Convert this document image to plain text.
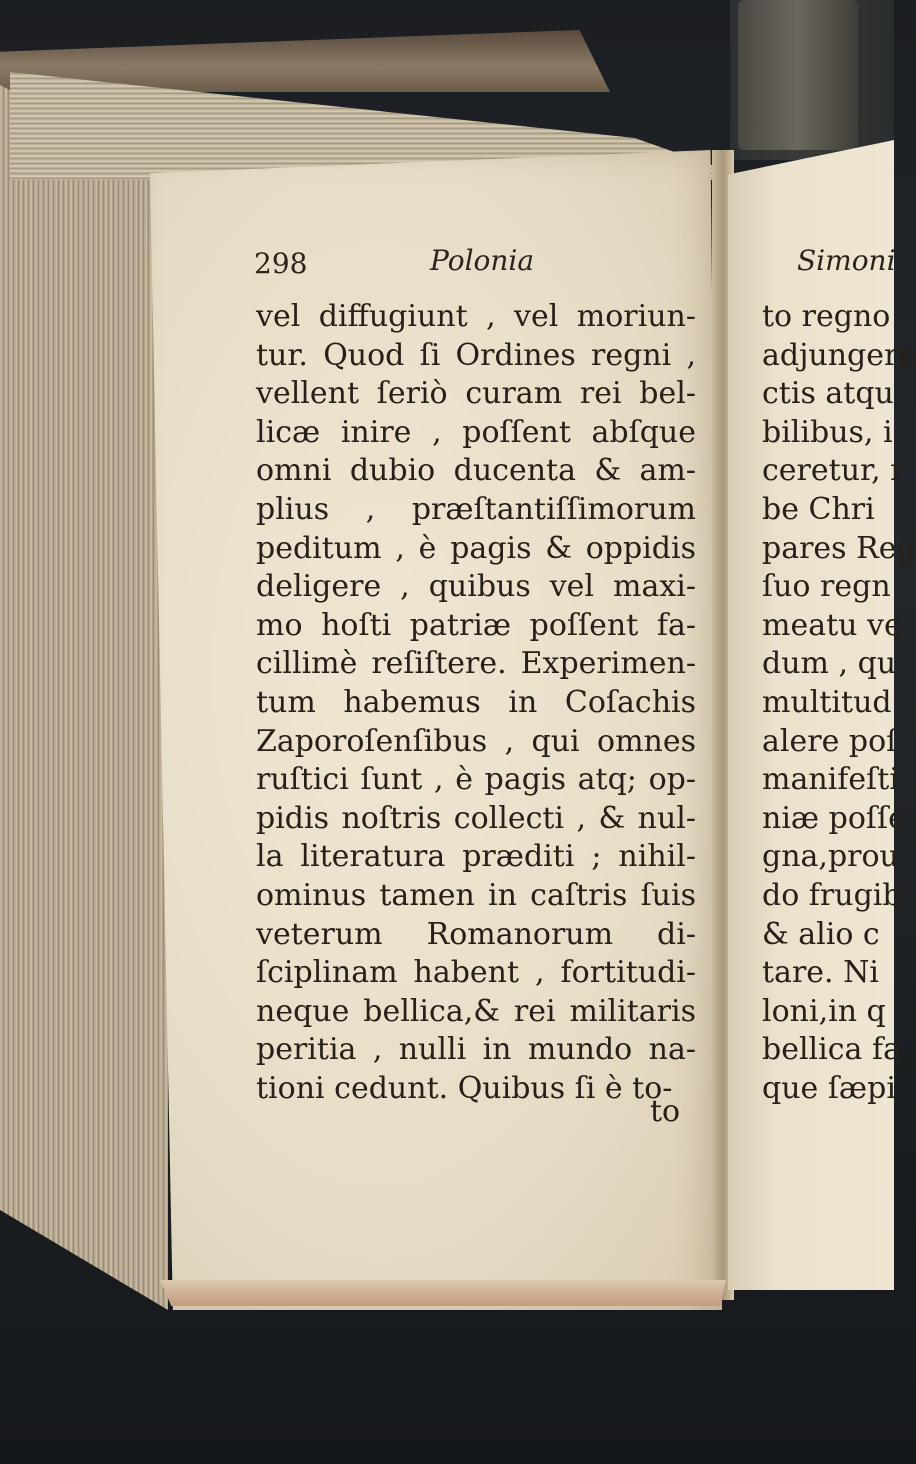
298	Polonia	Simoni
vel diffugiunt , vel moriun-
tur. Quod ſi Ordines regni ,
vellent ſeriò curam rei bel-
licæ inire , poſſent abſque
omni dubio ducenta & am-
plius , præſtantiſſimorum
peditum , è pagis & oppidis
deligere , quibus vel maxi-
mo hoſti patriæ poſſent fa-
cillimè reſiſtere. Experimen-
tum habemus in Coſachis
Zaporoſenſibus , qui omnes
ruſtici ſunt , è pagis atq; op-
pidis noſtris collecti , & nul-
la literatura præditi ; nihil-
ominus tamen in caſtris ſuis
veterum Romanorum di-
ſciplinam habent , fortitudi-
neque bellica,& rei militaris
peritia , nulli in mundo na-
tioni cedunt. Quibus ſi è to-
to
to regno
adjungere
ctis atqu
bilibus, i
ceretur, r
be Chri
pares Reg
ſuo regn
meatu ve
dum , qu
multitud
alere poſ
manifeſti
niæ poſſe
gna,prou
do frugib
& alio c
tare. Ni
loni,in q
bellica fa
que ſæpi
